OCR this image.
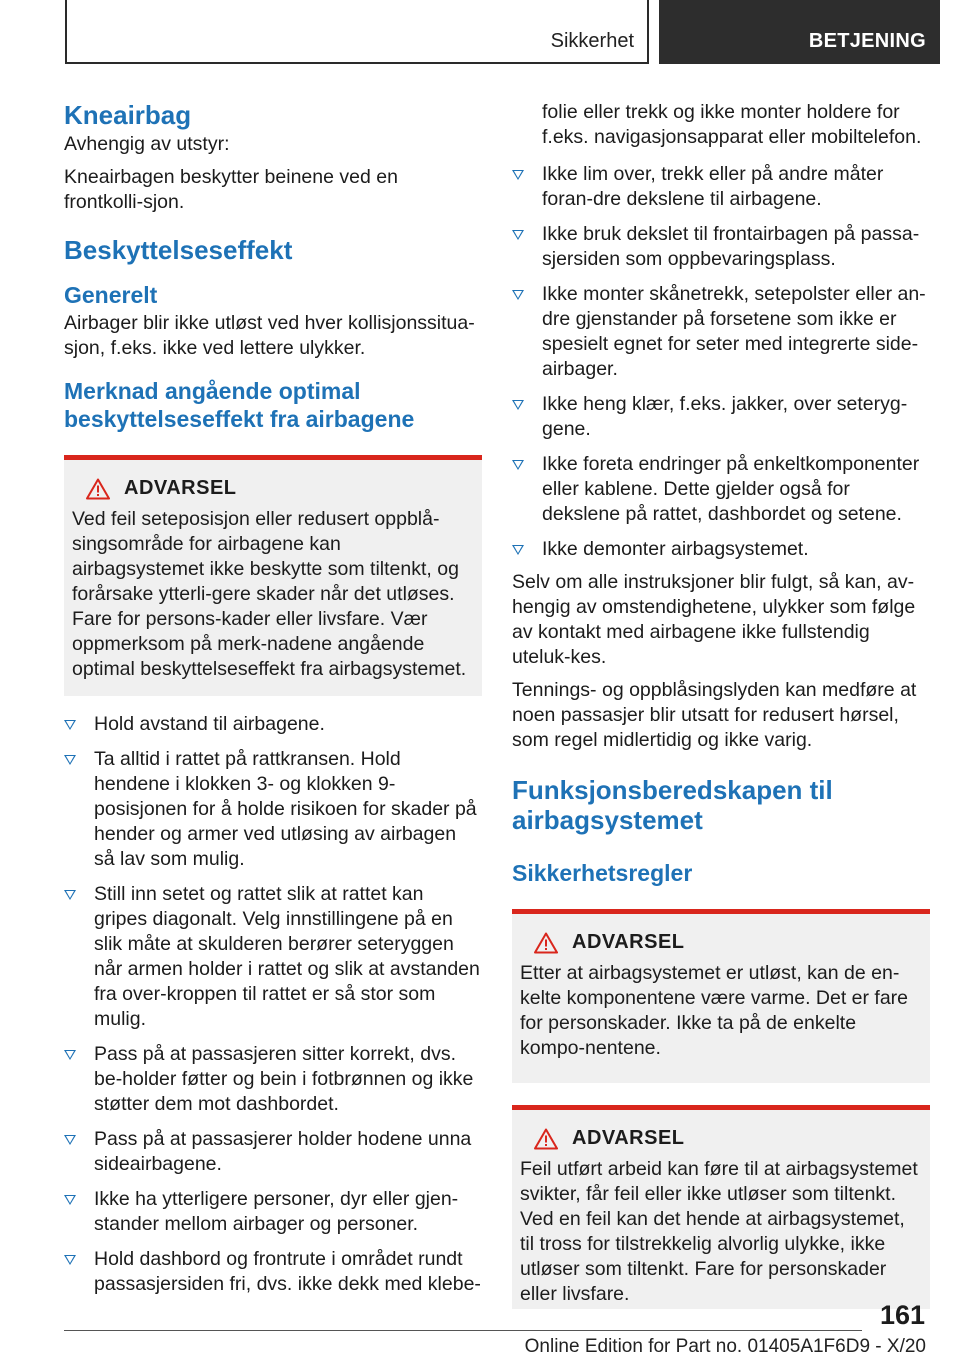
Sikkerhet	BETJENING
Kneairbag

Avhengig av utstyr:

Kneairbagen beskytter beinene ved en frontkolli-sjon.

Beskyttelseseffekt
Generelt

Airbager blir ikke utløst ved hver kollisjonssitua-sjon, f.eks. ikke ved lettere ulykker.

Merknad angående optimal beskyttelseseffekt fra airbagene
ADVARSEL

Ved feil seteposisjon eller redusert oppblå-singsområde for airbagene kan airbagsystemet ikke beskytte som tiltenkt, og forårsake ytterli-gere skader når det utløses. Fare for persons-kader eller livsfare. Vær oppmerksom på merk-nadene angående optimal beskyttelseseffekt fra airbagsystemet.

Hold avstand til airbagene.
Ta alltid i rattet på rattkransen. Hold hendene i klokken 3- og klokken 9-posisjonen for å holde risikoen for skader på hender og armer ved utløsing av airbagen så lav som mulig.
Still inn setet og rattet slik at rattet kan gripes diagonalt. Velg innstillingene på en slik måte at skulderen berører seteryggen når armen holder i rattet og slik at avstanden fra over-kroppen til rattet er så stor som mulig.
Pass på at passasjeren sitter korrekt, dvs. be-holder føtter og bein i fotbrønnen og ikke støtter dem mot dashbordet.
Pass på at passasjerer holder hodene unna sideairbagene.
Ikke ha ytterligere personer, dyr eller gjen-stander mellom airbager og personer.
Hold dashbord og frontrute i området rundt passasjersiden fri, dvs. ikke dekk med klebe-

folie eller trekk og ikke monter holdere for f.eks. navigasjonsapparat eller mobiltelefon.

Ikke lim over, trekk eller på andre måter foran-dre dekslene til airbagene.
Ikke bruk dekslet til frontairbagen på passa-sjersiden som oppbevaringsplass.
Ikke monter skånetrekk, setepolster eller an-dre gjenstander på forsetene som ikke er spesielt egnet for seter med integrerte side-airbager.
Ikke heng klær, f.eks. jakker, over seteryg-gene.
Ikke foreta endringer på enkeltkomponenter eller kablene. Dette gjelder også for dekslene på rattet, dashbordet og setene.
Ikke demonter airbagsystemet.

Selv om alle instruksjoner blir fulgt, så kan, av-hengig av omstendighetene, ulykker som følge av kontakt med airbagene ikke fullstendig uteluk-kes.

Tennings- og oppblåsingslyden kan medføre at noen passasjer blir utsatt for redusert hørsel, som regel midlertidig og ikke varig.

Funksjonsberedskapen til airbagsystemet
Sikkerhetsregler
ADVARSEL

Etter at airbagsystemet er utløst, kan de en-kelte komponentene være varme. Det er fare for personskader. Ikke ta på de enkelte kompo-nentene.

ADVARSEL

Feil utført arbeid kan føre til at airbagsystemet svikter, får feil eller ikke utløser som tiltenkt. Ved en feil kan det hende at airbagsystemet, til tross for tilstrekkelig alvorlig ulykke, ikke utløser som tiltenkt. Fare for personskader eller livsfare.

161
Online Edition for Part no. 01405A1F6D9 - X/20
